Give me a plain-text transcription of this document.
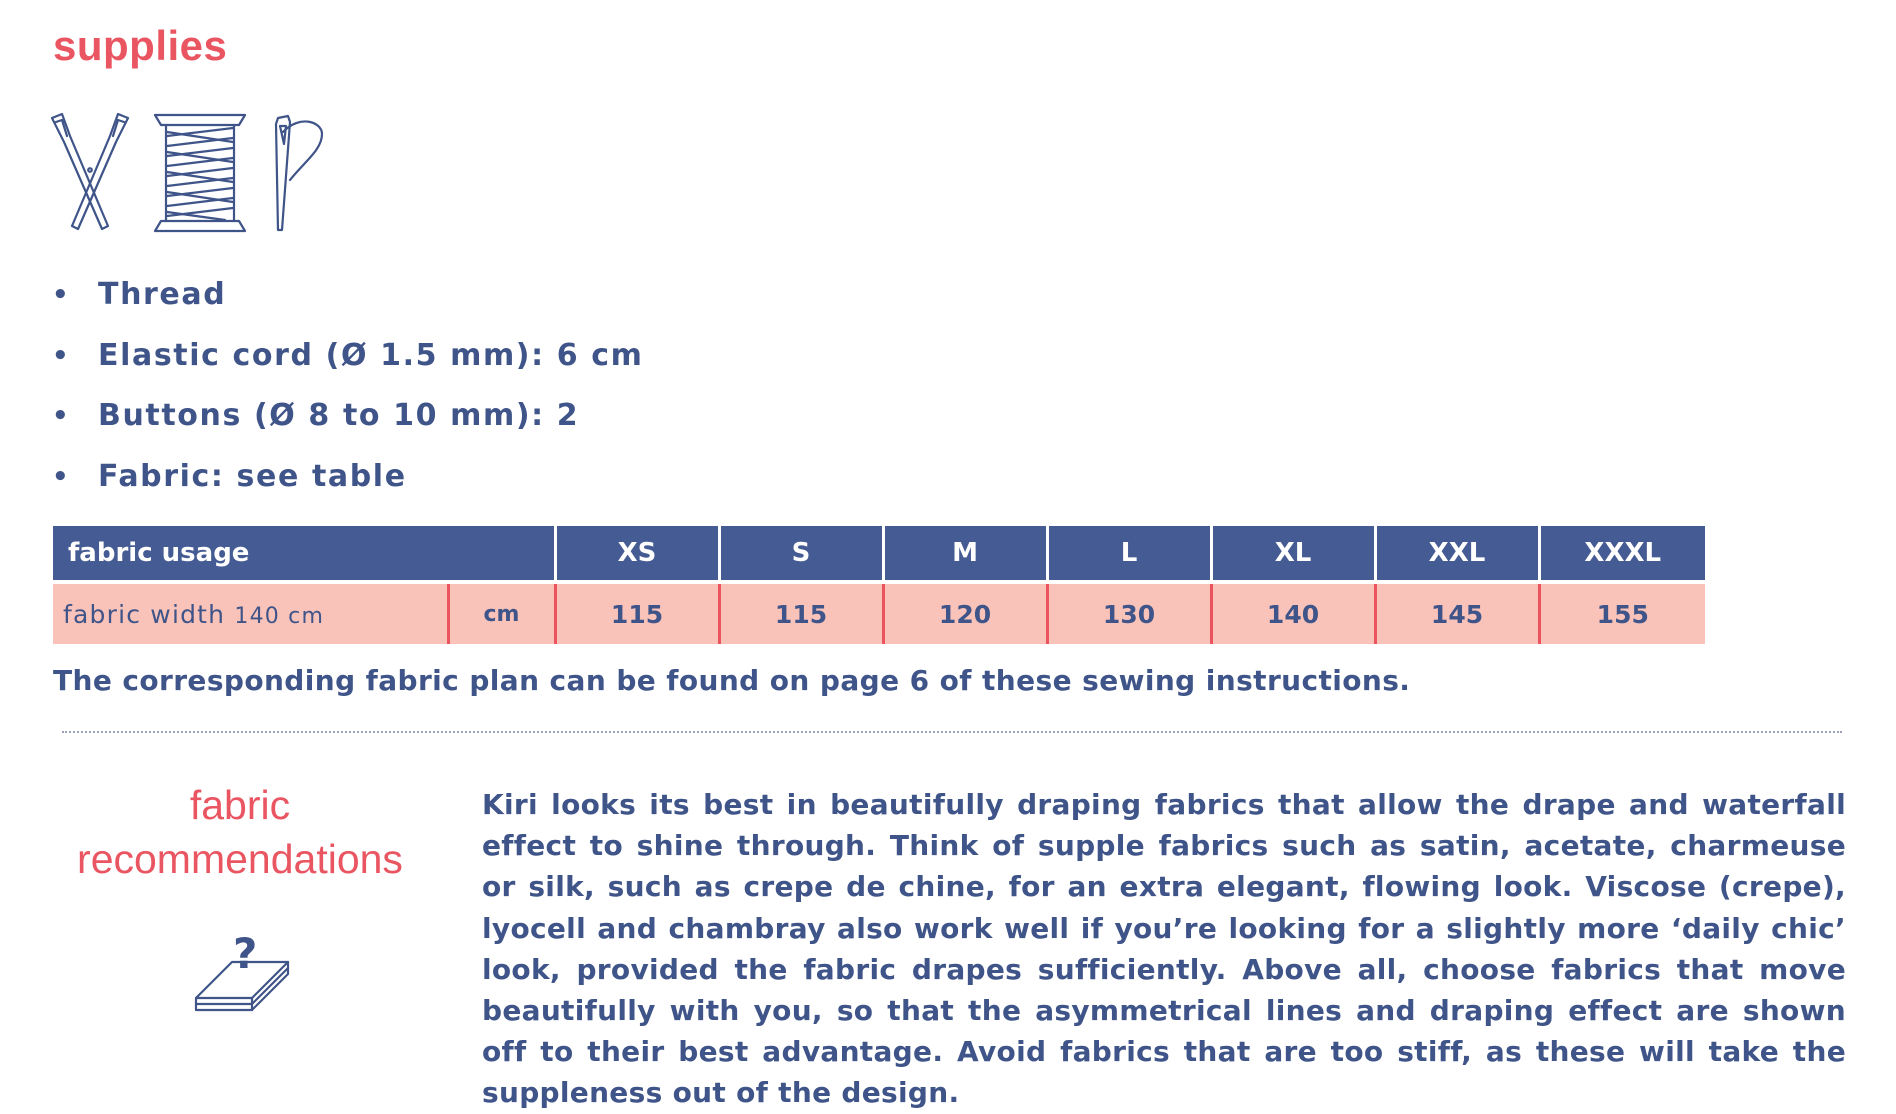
supplies
• Thread
• Elastic cord (Ø 1.5 mm): 6 cm
• Buttons (Ø 8 to 10 mm): 2
• Fabric: see table
fabric usage		XS	S	M	L	XL	XXL	XXXL

fabric width 140 cm	cm	115	115	120	130	140	145	155

The corresponding fabric plan can be found on page 6 of these sewing instructions.

fabric
recommendations
?

Kiri looks its best in beautifully draping fabrics that allow the drape and waterfall effect to shine through. Think of supple fabrics such as satin, acetate, charmeuse or silk, such as crepe de chine, for an extra elegant, flowing look. Viscose (crepe), lyocell and chambray also work well if you’re looking for a slightly more ‘daily chic’ look, provided the fabric drapes sufficiently. Above all, choose fabrics that move beautifully with you, so that the asymmetrical lines and draping effect are shown off to their best advantage. Avoid fabrics that are too stiff, as these will take the suppleness out of the design.
